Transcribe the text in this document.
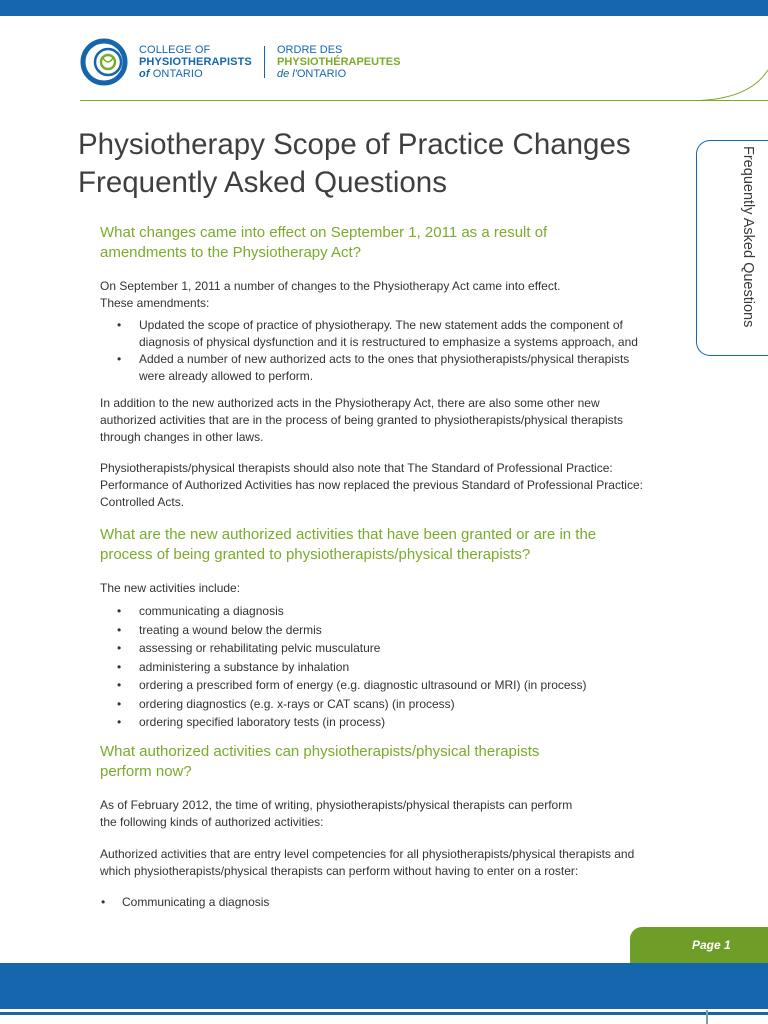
COLLEGE OF
PHYSIOTHERAPISTS
of ONTARIO
ORDRE DES
PHYSIOTHÉRAPEUTES
de l'ONTARIO
Frequently Asked Questions
Physiotherapy Scope of Practice Changes
Frequently Asked Questions
What changes came into effect on September 1, 2011 as a result of
amendments to the Physiotherapy Act?
On September 1, 2011 a number of changes to the Physiotherapy Act came into effect.
These amendments:
• Updated the scope of practice of physiotherapy. The new statement adds the component of
diagnosis of physical dysfunction and it is restructured to emphasize a systems approach, and
• Added a number of new authorized acts to the ones that physiotherapists/physical therapists
were already allowed to perform.
In addition to the new authorized acts in the Physiotherapy Act, there are also some other new
authorized activities that are in the process of being granted to physiotherapists/physical therapists
through changes in other laws.
Physiotherapists/physical therapists should also note that The Standard of Professional Practice:
Performance of Authorized Activities has now replaced the previous Standard of Professional Practice:
Controlled Acts.
What are the new authorized activities that have been granted or are in the
process of being granted to physiotherapists/physical therapists?
The new activities include:
• communicating a diagnosis
• treating a wound below the dermis
• assessing or rehabilitating pelvic musculature
• administering a substance by inhalation
• ordering a prescribed form of energy (e.g. diagnostic ultrasound or MRI) (in process)
• ordering diagnostics (e.g. x-rays or CAT scans) (in process)
• ordering specified laboratory tests (in process)
What authorized activities can physiotherapists/physical therapists
perform now?
As of February 2012, the time of writing, physiotherapists/physical therapists can perform
the following kinds of authorized activities:
Authorized activities that are entry level competencies for all physiotherapists/physical therapists and
which physiotherapists/physical therapists can perform without having to enter on a roster:
• Communicating a diagnosis
Page 1
